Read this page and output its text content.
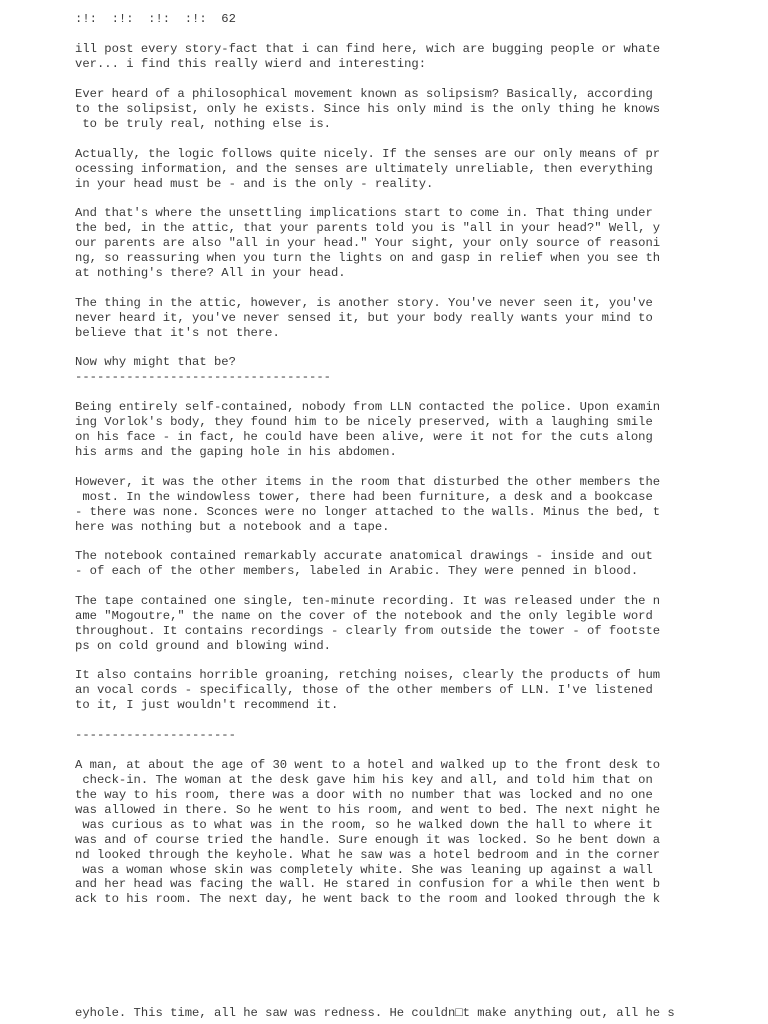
:!:  :!:  :!:  :!:  62

ill post every story-fact that i can find here, wich are bugging people or whate

ver... i find this really wierd and interesting:

Ever heard of a philosophical movement known as solipsism? Basically, according

to the solipsist, only he exists. Since his only mind is the only thing he knows

to be truly real, nothing else is.

Actually, the logic follows quite nicely. If the senses are our only means of pr

ocessing information, and the senses are ultimately unreliable, then everything

in your head must be - and is the only - reality.

And that's where the unsettling implications start to come in. That thing under

the bed, in the attic, that your parents told you is "all in your head?" Well, y

our parents are also "all in your head." Your sight, your only source of reasoni

ng, so reassuring when you turn the lights on and gasp in relief when you see th

at nothing's there? All in your head.

The thing in the attic, however, is another story. You've never seen it, you've

never heard it, you've never sensed it, but your body really wants your mind to

believe that it's not there.

Now why might that be?

-----------------------------------

Being entirely self-contained, nobody from LLN contacted the police. Upon examin

ing Vorlok's body, they found him to be nicely preserved, with a laughing smile

on his face - in fact, he could have been alive, were it not for the cuts along

his arms and the gaping hole in his abdomen.

However, it was the other items in the room that disturbed the other members the

most. In the windowless tower, there had been furniture, a desk and a bookcase

- there was none. Sconces were no longer attached to the walls. Minus the bed, t

here was nothing but a notebook and a tape.

The notebook contained remarkably accurate anatomical drawings - inside and out

- of each of the other members, labeled in Arabic. They were penned in blood.

The tape contained one single, ten-minute recording. It was released under the n

ame "Mogoutre," the name on the cover of the notebook and the only legible word

throughout. It contains recordings - clearly from outside the tower - of footste

ps on cold ground and blowing wind.

It also contains horrible groaning, retching noises, clearly the products of hum

an vocal cords - specifically, those of the other members of LLN. I've listened

to it, I just wouldn't recommend it.

----------------------

A man, at about the age of 30 went to a hotel and walked up to the front desk to

check-in. The woman at the desk gave him his key and all, and told him that on

the way to his room, there was a door with no number that was locked and no one

was allowed in there. So he went to his room, and went to bed. The next night he

was curious as to what was in the room, so he walked down the hall to where it

was and of course tried the handle. Sure enough it was locked. So he bent down a

nd looked through the keyhole. What he saw was a hotel bedroom and in the corner

was a woman whose skin was completely white. She was leaning up against a wall

and her head was facing the wall. He stared in confusion for a while then went b

ack to his room. The next day, he went back to the room and looked through the k

eyhole. This time, all he saw was redness. He couldn□t make anything out, all he s
